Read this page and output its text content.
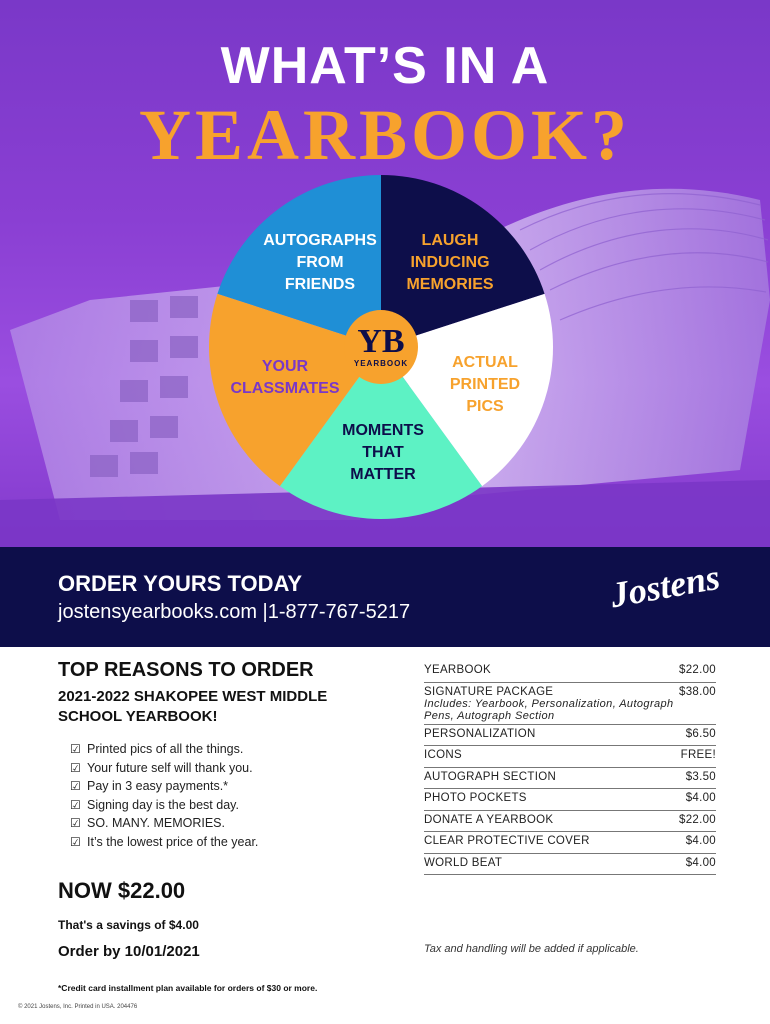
WHAT’S IN A
YEARBOOK?
YB
YEARBOOK
AUTOGRAPHS
FROM
FRIENDS
LAUGH
INDUCING
MEMORIES
ACTUAL
PRINTED
PICS
MOMENTS
THAT
MATTER
YOUR
CLASSMATES
ORDER YOURS TODAY
jostensyearbooks.com |1-877-767-5217	Jostens
TOP REASONS TO ORDER
2021-2022 SHAKOPEE WEST MIDDLE SCHOOL YEARBOOK!
☑ Printed pics of all the things.
☑ Your future self will thank you.
☑ Pay in 3 easy payments.*
☑ Signing day is the best day.
☑ SO. MANY. MEMORIES.
☑ It’s the lowest price of the year.
NOW $22.00
That's a savings of $4.00
Order by 10/01/2021
*Credit card installment plan available for orders of $30 or more.
© 2021 Jostens, Inc. Printed in USA. 204476
YEARBOOK	$22.00
SIGNATURE PACKAGE
Includes: Yearbook, Personalization, Autograph Pens, Autograph Section
$38.00
PERSONALIZATION	$6.50
ICONS	FREE!
AUTOGRAPH SECTION	$3.50
PHOTO POCKETS	$4.00
DONATE A YEARBOOK	$22.00
CLEAR PROTECTIVE COVER	$4.00
WORLD BEAT	$4.00
Tax and handling will be added if applicable.
